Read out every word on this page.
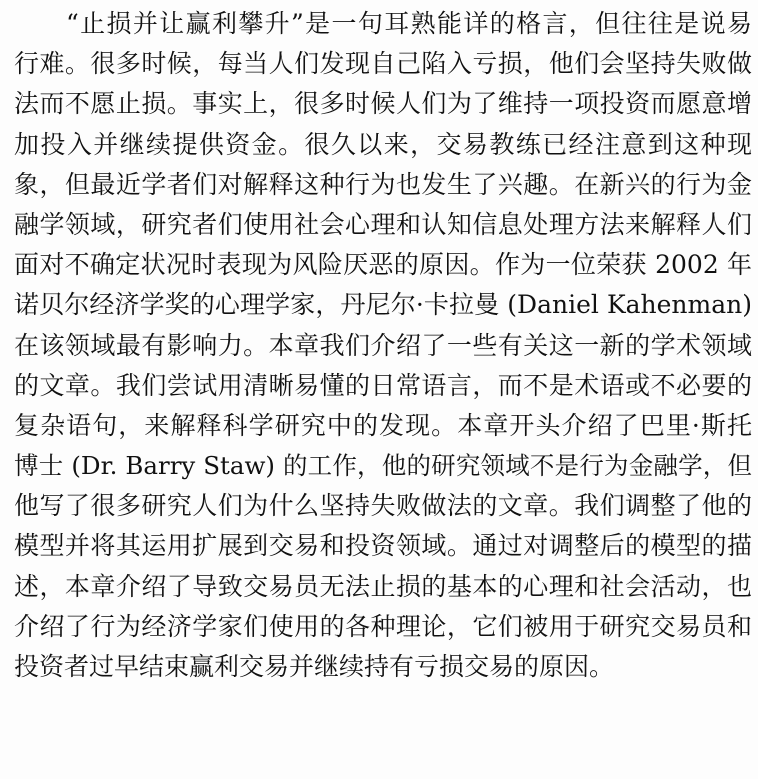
“止损并让赢利攀升”是一句耳熟能详的格言，但往往是说易
行难。很多时候，每当人们发现自己陷入亏损，他们会坚持失败做
法而不愿止损。事实上，很多时候人们为了维持一项投资而愿意增
加投入并继续提供资金。很久以来，交易教练已经注意到这种现
象，但最近学者们对解释这种行为也发生了兴趣。在新兴的行为金
融学领域，研究者们使用社会心理和认知信息处理方法来解释人们
面对不确定状况时表现为风险厌恶的原因。作为一位荣获 2002 年
诺贝尔经济学奖的心理学家，丹尼尔·卡拉曼 (Daniel Kahenman)
在该领域最有影响力。本章我们介绍了一些有关这一新的学术领域
的文章。我们尝试用清晰易懂的日常语言，而不是术语或不必要的
复杂语句，来解释科学研究中的发现。本章开头介绍了巴里·斯托
博士 (Dr. Barry Staw) 的工作，他的研究领域不是行为金融学，但
他写了很多研究人们为什么坚持失败做法的文章。我们调整了他的
模型并将其运用扩展到交易和投资领域。通过对调整后的模型的描
述，本章介绍了导致交易员无法止损的基本的心理和社会活动，也
介绍了行为经济学家们使用的各种理论，它们被用于研究交易员和
投资者过早结束赢利交易并继续持有亏损交易的原因。
